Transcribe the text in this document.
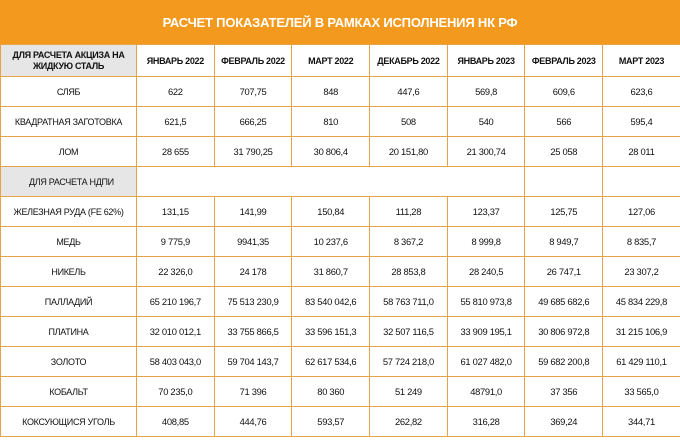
РАСЧЕТ ПОКАЗАТЕЛЕЙ В РАМКАХ ИСПОЛНЕНИЯ НК РФ
ДЛЯ РАСЧЕТА АКЦИЗА НА ЖИДКУЮ СТАЛЬ	ЯНВАРЬ 2022	ФЕВРАЛЬ 2022	МАРТ 2022	ДЕКАБРЬ 2022	ЯНВАРЬ 2023	ФЕВРАЛЬ 2023	МАРТ 2023
СЛЯБ	622	707,75	848	447,6	569,8	609,6	623,6
КВАДРАТНАЯ ЗАГОТОВКА	621,5	666,25	810	508	540	566	595,4
ЛОМ	28 655	31 790,25	30 806,4	20 151,80	21 300,74	25 058	28 011
ДЛЯ РАСЧЕТА НДПИ							
ЖЕЛЕЗНАЯ РУДА (FE 62%)	131,15	141,99	150,84	111,28	123,37	125,75	127,06
МЕДЬ	9 775,9	9941,35	10 237,6	8 367,2	8 999,8	8 949,7	8 835,7
НИКЕЛЬ	22 326,0	24 178	31 860,7	28 853,8	28 240,5	26 747,1	23 307,2
ПАЛЛАДИЙ	65 210 196,7	75 513 230,9	83 540 042,6	58 763 711,0	55 810 973,8	49 685 682,6	45 834 229,8
ПЛАТИНА	32 010 012,1	33 755 866,5	33 596 151,3	32 507 116,5	33 909 195,1	30 806 972,8	31 215 106,9
ЗОЛОТО	58 403 043,0	59 704 143,7	62 617 534,6	57 724 218,0	61 027 482,0	59 682 200,8	61 429 110,1
КОБАЛЬТ	70 235,0	71 396	80 360	51 249	48791,0	37 356	33 565,0
КОКСУЮЩИСЯ УГОЛЬ	408,85	444,76	593,57	262,82	316,28	369,24	344,71
